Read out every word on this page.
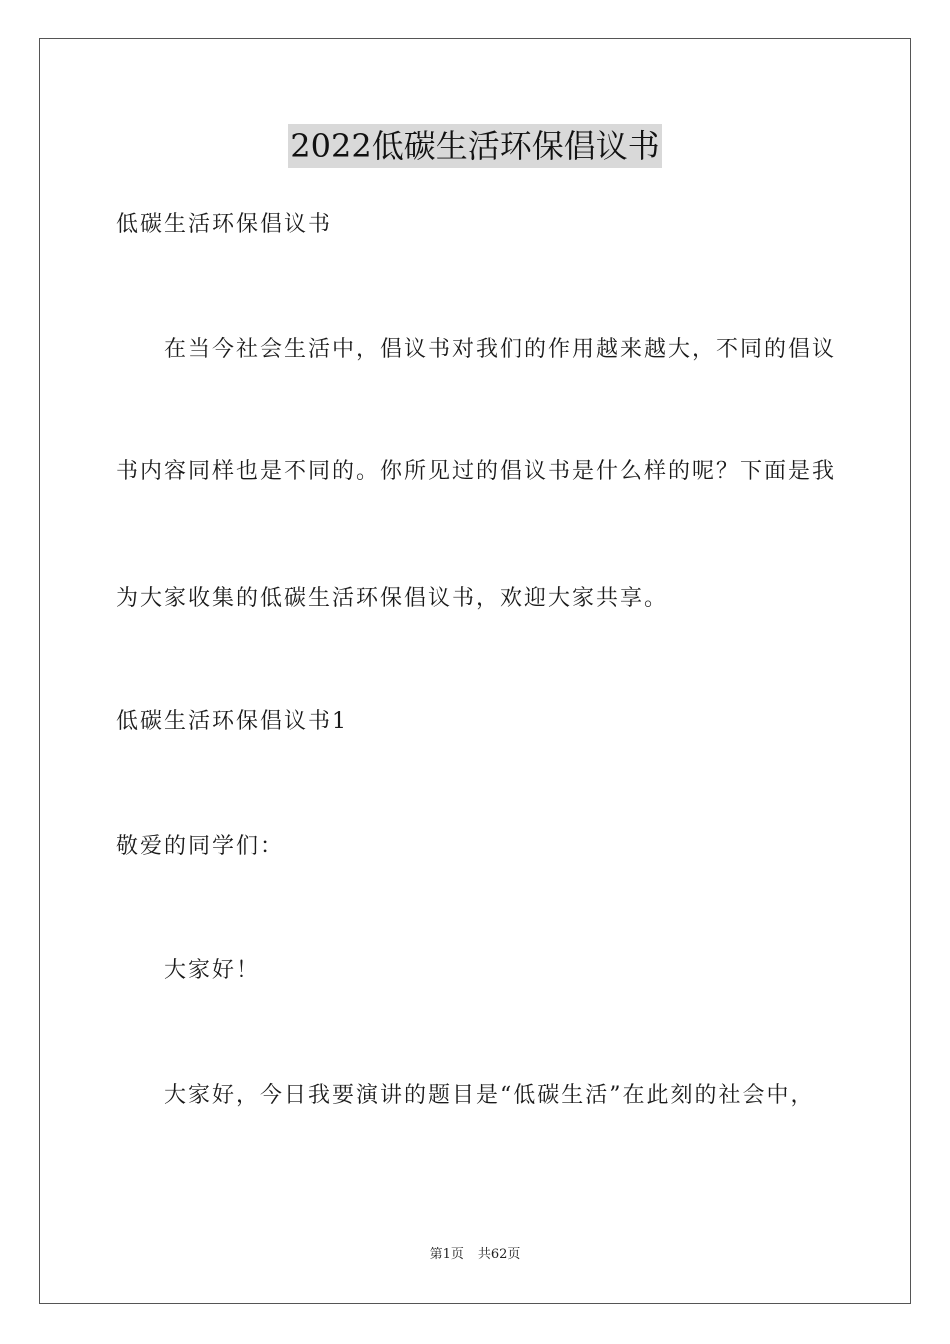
2022低碳生活环保倡议书
低碳生活环保倡议书
在当今社会生活中，倡议书对我们的作用越来越大，不同的倡议
书内容同样也是不同的。你所见过的倡议书是什么样的呢？下面是我
为大家收集的低碳生活环保倡议书，欢迎大家共享。
低碳生活环保倡议书1
敬爱的同学们：
大家好！
大家好，今日我要演讲的题目是“低碳生活”在此刻的社会中，
第1页 共62页
